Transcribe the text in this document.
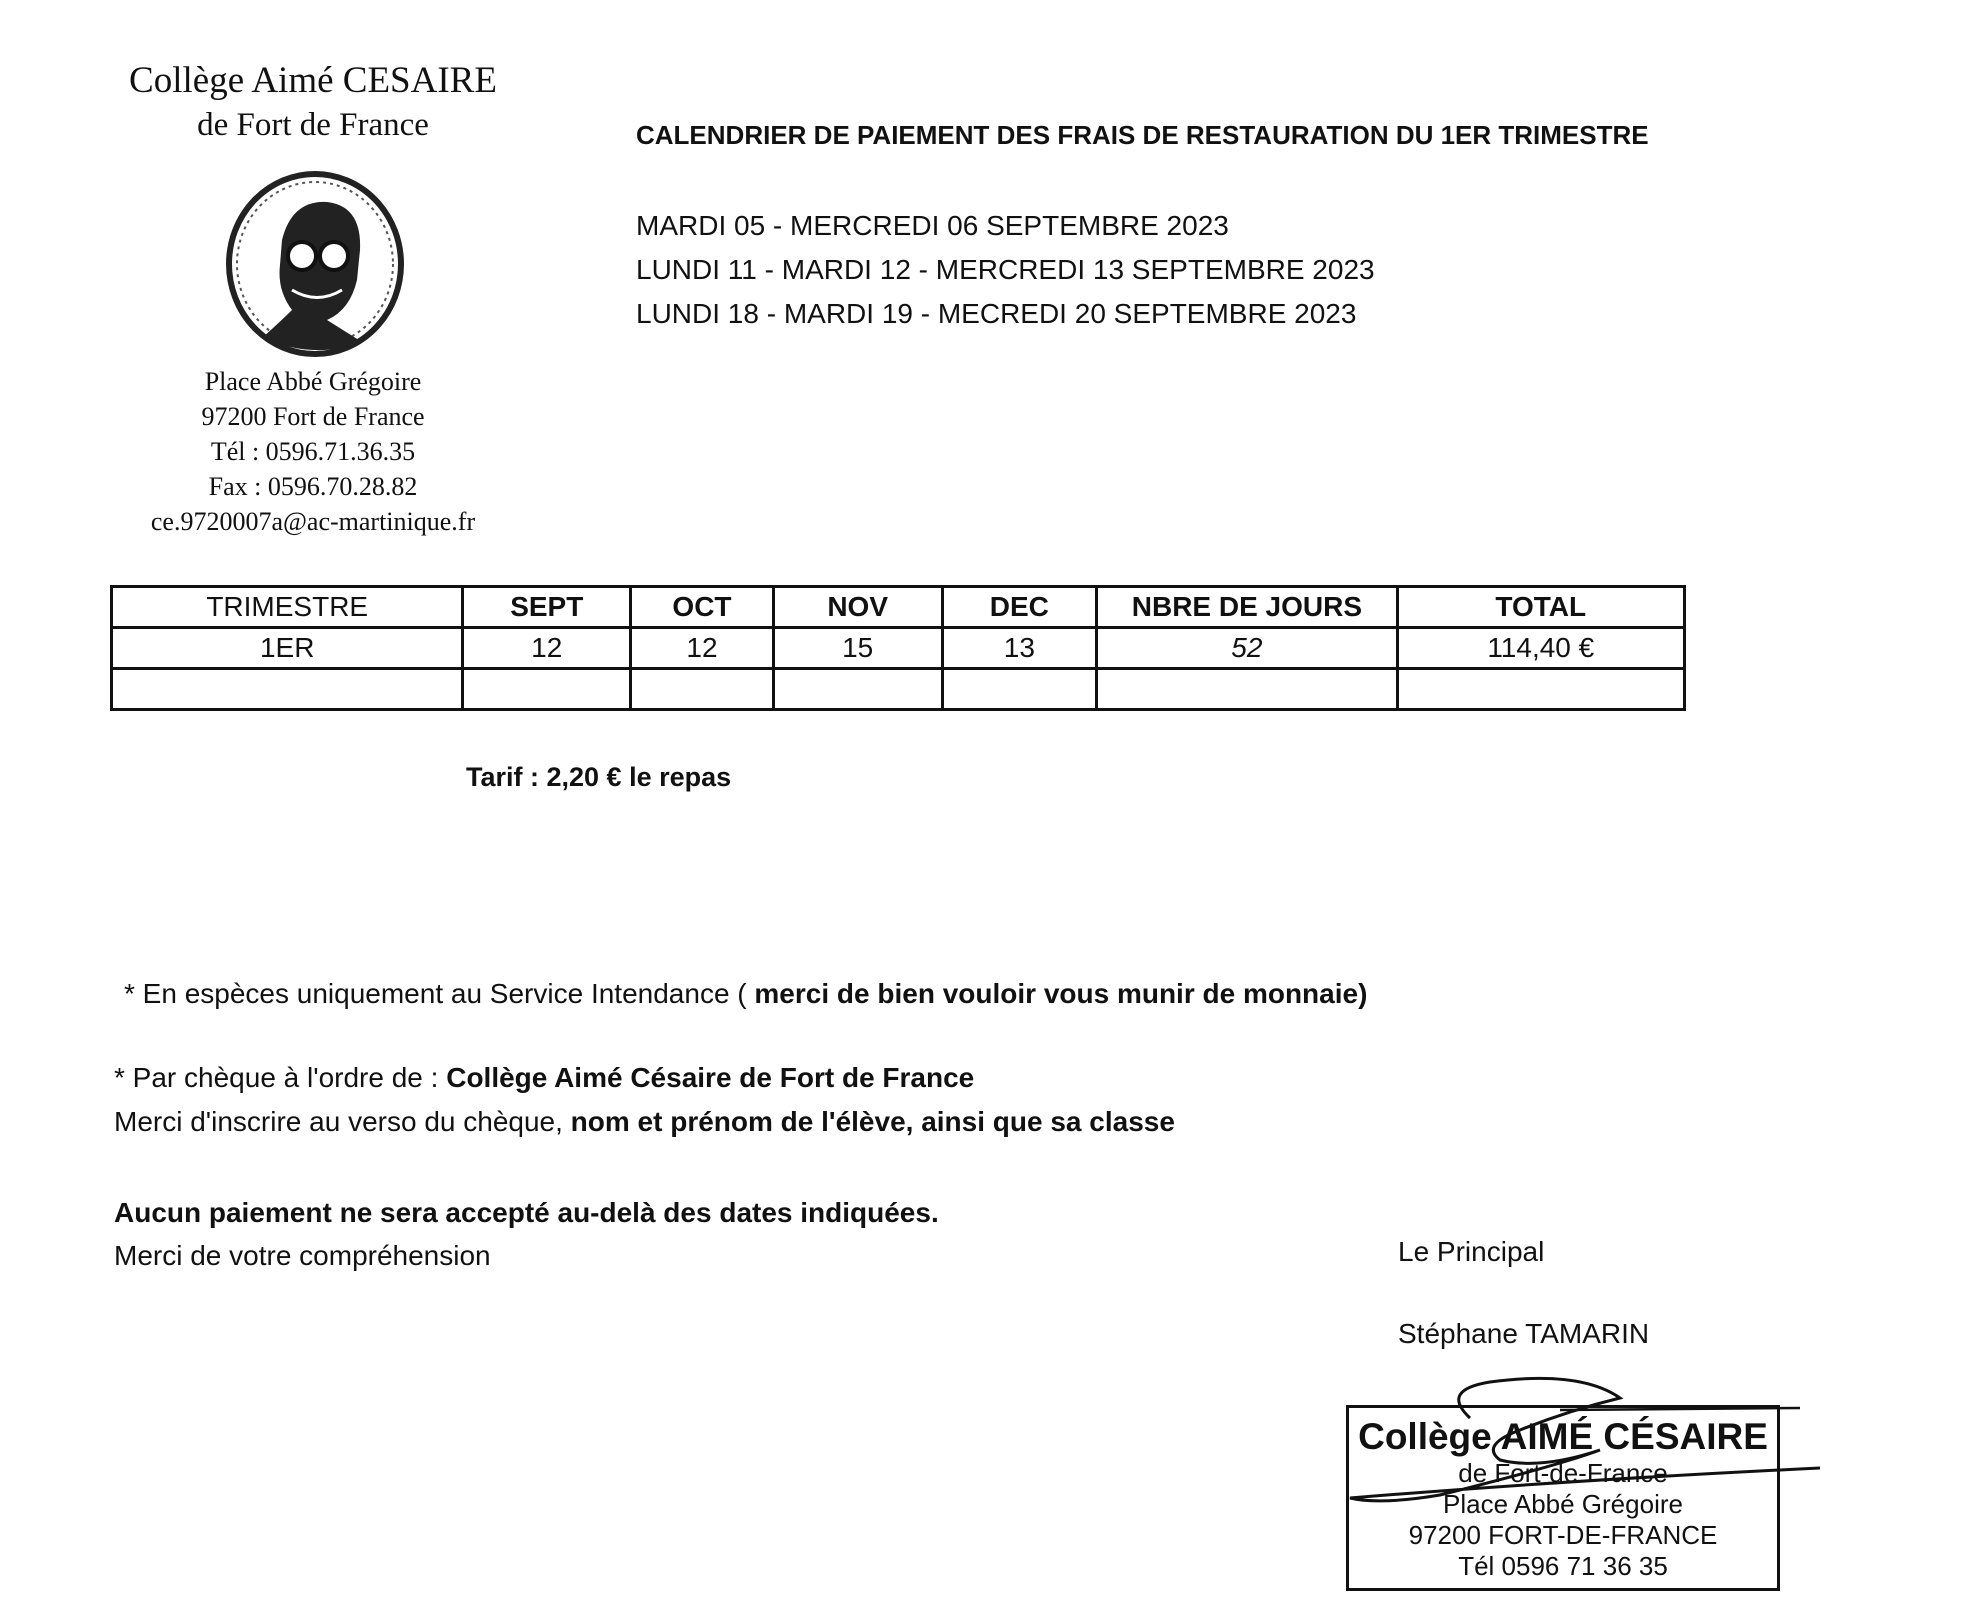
Collège Aimé CESAIRE
de Fort de France
Place Abbé Grégoire
97200 Fort de France
Tél : 0596.71.36.35
Fax : 0596.70.28.82
ce.9720007a@ac-martinique.fr
CALENDRIER DE PAIEMENT DES FRAIS DE RESTAURATION DU 1ER TRIMESTRE
MARDI 05 - MERCREDI 06 SEPTEMBRE 2023
LUNDI 11 - MARDI 12 - MERCREDI 13 SEPTEMBRE 2023
LUNDI 18 - MARDI 19 - MECREDI 20 SEPTEMBRE 2023
TRIMESTRE	SEPT	OCT	NOV	DEC	NBRE DE JOURS	TOTAL
1ER	12	12	15	13	52	114,40 €

Tarif : 2,20 € le repas
* En espèces uniquement au Service Intendance ( merci de bien vouloir vous munir de monnaie)
* Par chèque à l'ordre de : Collège Aimé Césaire de Fort de France
Merci d'inscrire au verso du chèque, nom et prénom de l'élève, ainsi que sa classe
Aucun paiement ne sera accepté au-delà des dates indiquées.
Merci de votre compréhension	Le Principal
Stéphane TAMARIN
Collège AIMÉ CÉSAIRE
de Fort-de-France
Place Abbé Grégoire
97200 FORT-DE-FRANCE
Tél 0596 71 36 35
